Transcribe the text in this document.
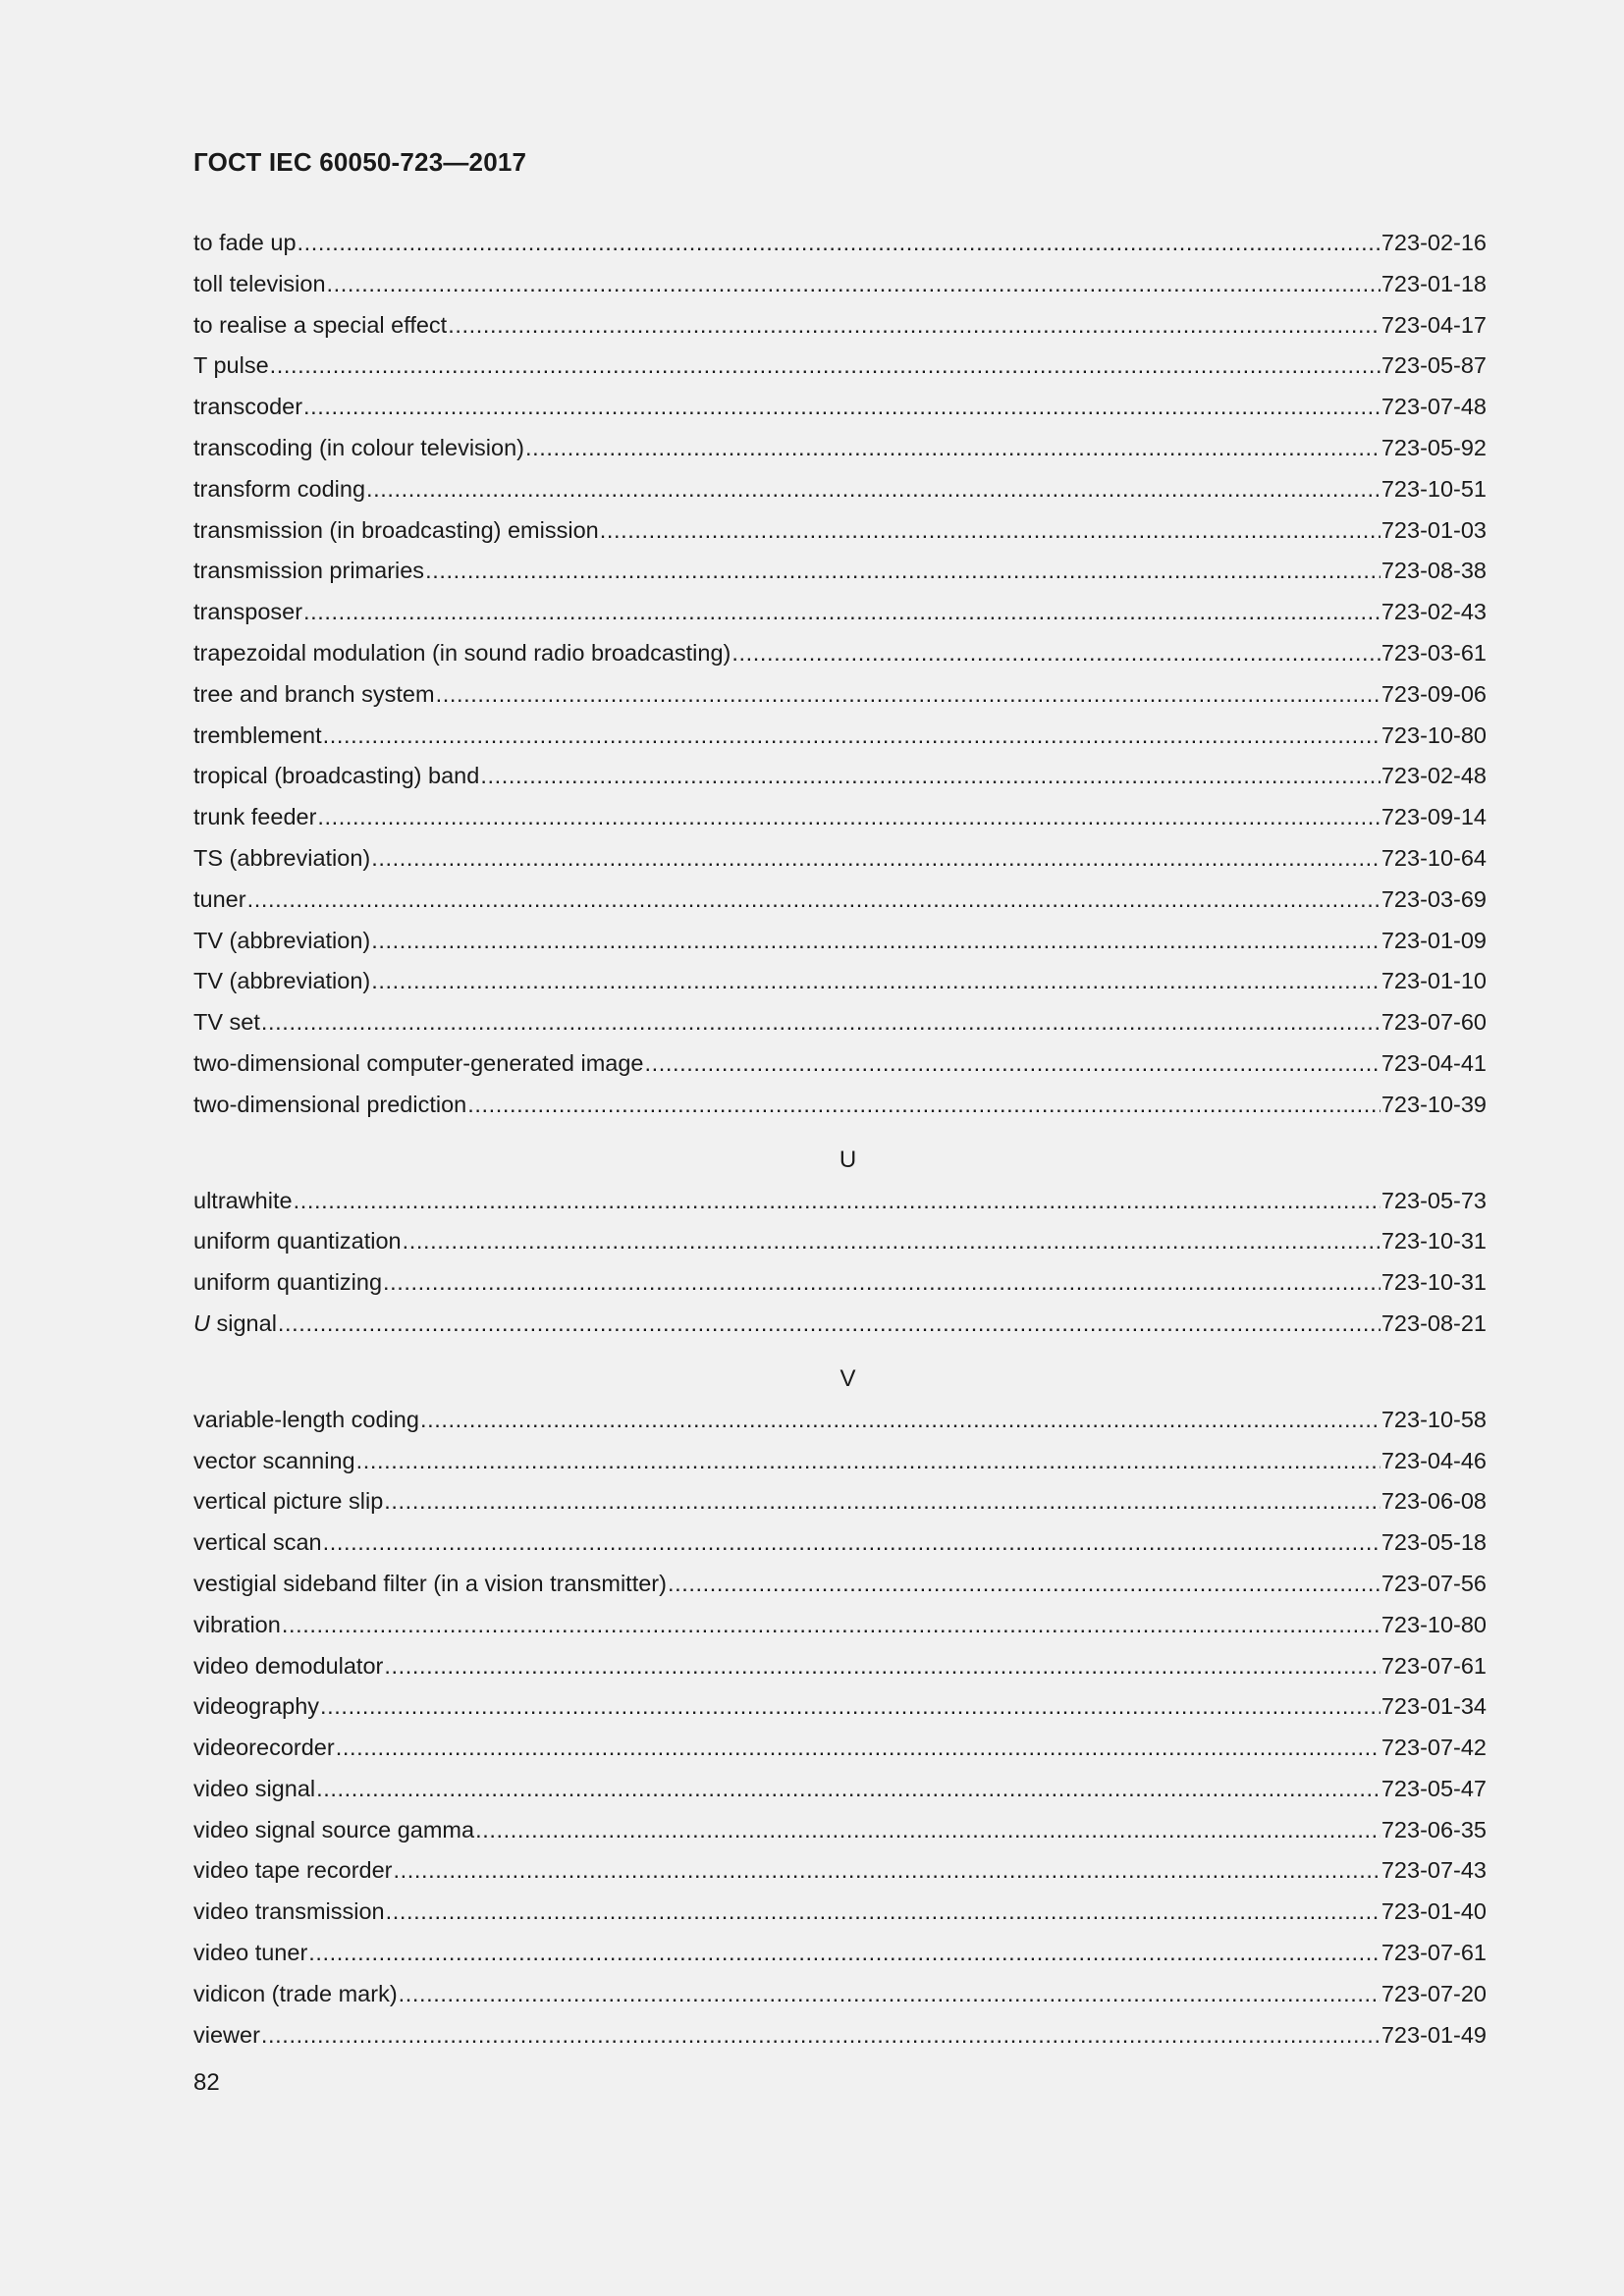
ГОСТ IEC 60050-723—2017
to fade up .....	723-02-16
toll television .....	723-01-18
to realise a special effect .....	723-04-17
T pulse .....	723-05-87
transcoder .....	723-07-48
transcoding (in colour television) .....	723-05-92
transform coding .....	723-10-51
transmission (in broadcasting) emission .....	723-01-03
transmission primaries .....	723-08-38
transposer .....	723-02-43
trapezoidal modulation (in sound radio broadcasting) .....	723-03-61
tree and branch system .....	723-09-06
tremblement .....	723-10-80
tropical (broadcasting) band .....	723-02-48
trunk feeder .....	723-09-14
TS (abbreviation) .....	723-10-64
tuner .....	723-03-69
TV (abbreviation) .....	723-01-09
TV (abbreviation) .....	723-01-10
TV set .....	723-07-60
two-dimensional computer-generated image .....	723-04-41
two-dimensional prediction .....	723-10-39
U
ultrawhite .....	723-05-73
uniform quantization .....	723-10-31
uniform quantizing .....	723-10-31
U signal .....	723-08-21
V
variable-length coding .....	723-10-58
vector scanning .....	723-04-46
vertical picture slip .....	723-06-08
vertical scan .....	723-05-18
vestigial sideband filter (in a vision transmitter) .....	723-07-56
vibration .....	723-10-80
video demodulator .....	723-07-61
videography .....	723-01-34
videorecorder .....	723-07-42
video signal .....	723-05-47
video signal source gamma .....	723-06-35
video tape recorder .....	723-07-43
video transmission .....	723-01-40
video tuner .....	723-07-61
vidicon (trade mark) .....	723-07-20
viewer .....	723-01-49
82
